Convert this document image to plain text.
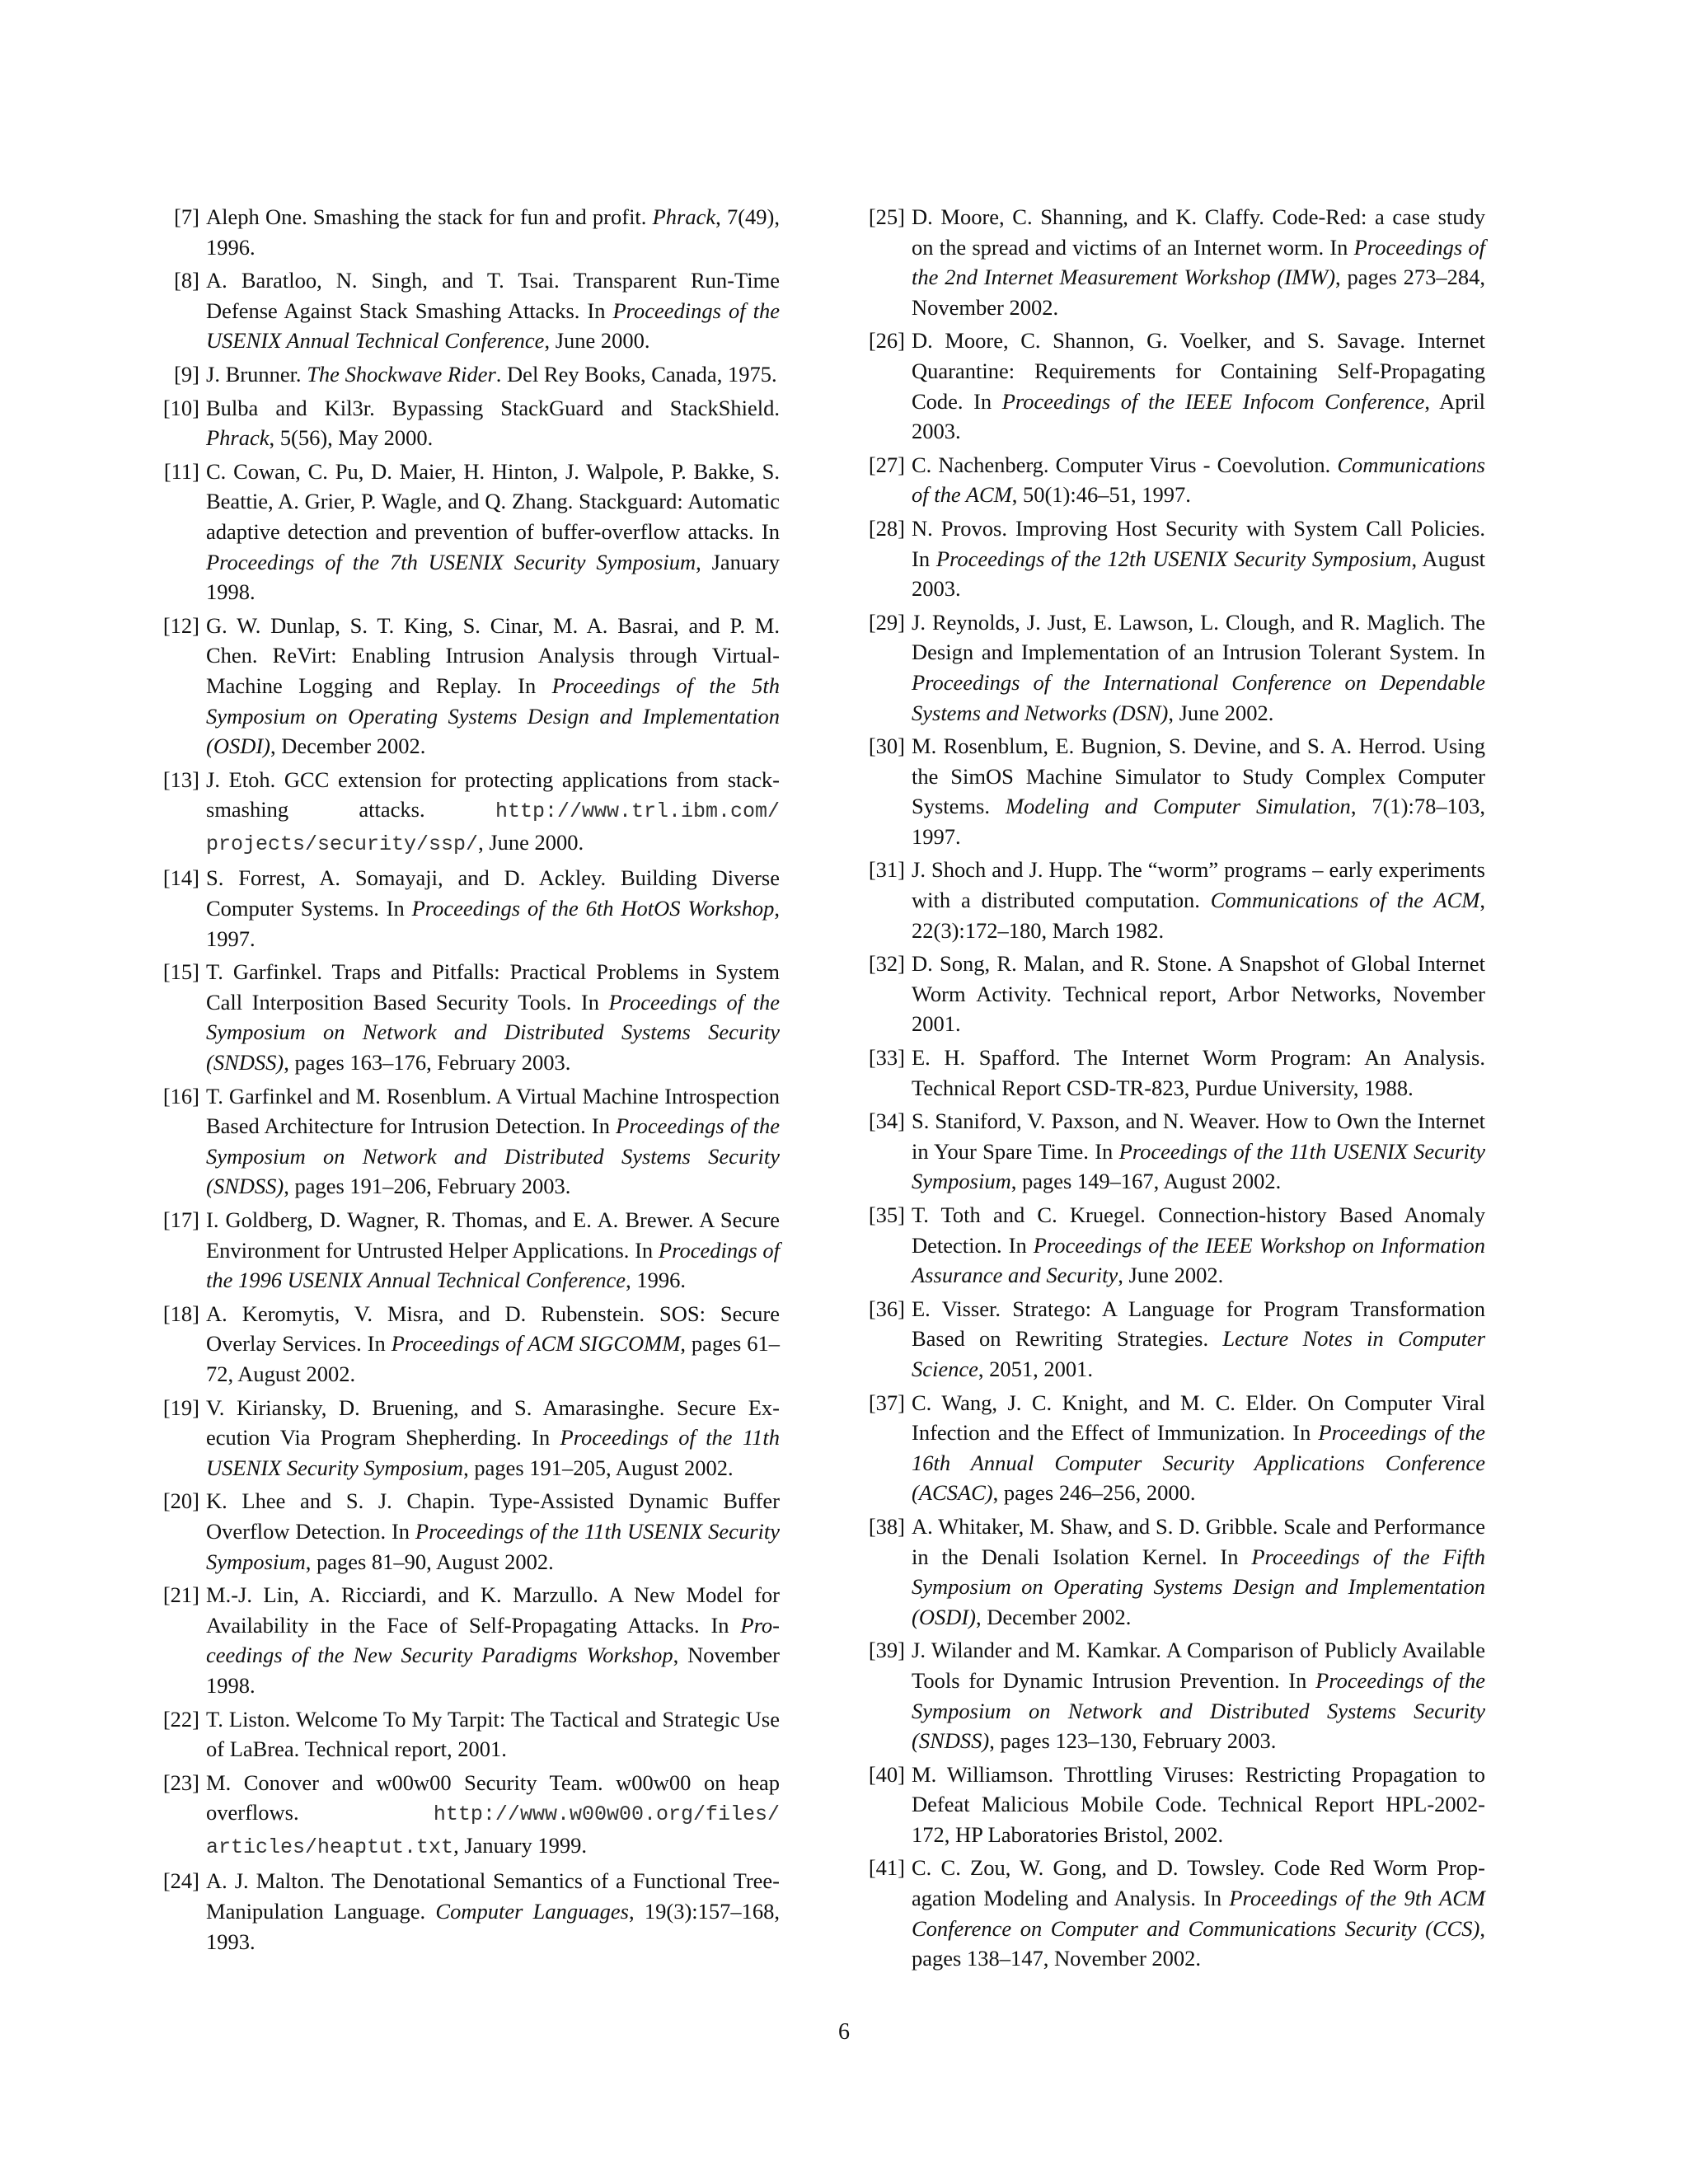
[7] Aleph One. Smashing the stack for fun and profit. Phrack, 7(49), 1996.
[8] A. Baratloo, N. Singh, and T. Tsai. Transparent Run-Time Defense Against Stack Smashing Attacks. In Proceedings of the USENIX Annual Technical Conference, June 2000.
[9] J. Brunner. The Shockwave Rider. Del Rey Books, Canada, 1975.
[10] Bulba and Kil3r. Bypassing StackGuard and StackShield. Phrack, 5(56), May 2000.
[11] C. Cowan, C. Pu, D. Maier, H. Hinton, J. Walpole, P. Bakke, S. Beattie, A. Grier, P. Wagle, and Q. Zhang. Stackguard: Automatic adaptive detection and prevention of buffer-overflow attacks. In Proceedings of the 7th USENIX Security Symposium, January 1998.
[12] G. W. Dunlap, S. T. King, S. Cinar, M. A. Basrai, and P. M. Chen. ReVirt: Enabling Intrusion Analysis through Virtual-Machine Logging and Replay. In Proceedings of the 5th Symposium on Operating Systems Design and Implementation (OSDI), December 2002.
[13] J. Etoh. GCC extension for protecting applications from stack-smashing attacks. http://www.trl.ibm.com/ projects/security/ssp/, June 2000.
[14] S. Forrest, A. Somayaji, and D. Ackley. Building Diverse Computer Systems. In Proceedings of the 6th HotOS Workshop, 1997.
[15] T. Garfinkel. Traps and Pitfalls: Practical Problems in System Call Interposition Based Security Tools. In Proceedings of the Symposium on Network and Distributed Systems Security (SNDSS), pages 163–176, February 2003.
[16] T. Garfinkel and M. Rosenblum. A Virtual Machine Introspection Based Architecture for Intrusion Detection. In Proceedings of the Symposium on Network and Distributed Systems Security (SNDSS), pages 191–206, February 2003.
[17] I. Goldberg, D. Wagner, R. Thomas, and E. A. Brewer. A Secure Environment for Untrusted Helper Applications. In Procedings of the 1996 USENIX Annual Technical Conference, 1996.
[18] A. Keromytis, V. Misra, and D. Rubenstein. SOS: Secure Overlay Services. In Proceedings of ACM SIGCOMM, pages 61–72, August 2002.
[19] V. Kiriansky, D. Bruening, and S. Amarasinghe. Secure Execution Via Program Shepherding. In Proceedings of the 11th USENIX Security Symposium, pages 191–205, August 2002.
[20] K. Lhee and S. J. Chapin. Type-Assisted Dynamic Buffer Overflow Detection. In Proceedings of the 11th USENIX Security Symposium, pages 81–90, August 2002.
[21] M.-J. Lin, A. Ricciardi, and K. Marzullo. A New Model for Availability in the Face of Self-Propagating Attacks. In Proceedings of the New Security Paradigms Workshop, November 1998.
[22] T. Liston. Welcome To My Tarpit: The Tactical and Strategic Use of LaBrea. Technical report, 2001.
[23] M. Conover and w00w00 Security Team. w00w00 on heap overflows. http://www.w00w00.org/files/ articles/heaptut.txt, January 1999.
[24] A. J. Malton. The Denotational Semantics of a Functional Tree-Manipulation Language. Computer Languages, 19(3):157–168, 1993.
[25] D. Moore, C. Shanning, and K. Claffy. Code-Red: a case study on the spread and victims of an Internet worm. In Proceedings of the 2nd Internet Measurement Workshop (IMW), pages 273–284, November 2002.
[26] D. Moore, C. Shannon, G. Voelker, and S. Savage. Internet Quarantine: Requirements for Containing Self-Propagating Code. In Proceedings of the IEEE Infocom Conference, April 2003.
[27] C. Nachenberg. Computer Virus - Coevolution. Communications of the ACM, 50(1):46–51, 1997.
[28] N. Provos. Improving Host Security with System Call Policies. In Proceedings of the 12th USENIX Security Symposium, August 2003.
[29] J. Reynolds, J. Just, E. Lawson, L. Clough, and R. Maglich. The Design and Implementation of an Intrusion Tolerant System. In Proceedings of the International Conference on Dependable Systems and Networks (DSN), June 2002.
[30] M. Rosenblum, E. Bugnion, S. Devine, and S. A. Herrod. Using the SimOS Machine Simulator to Study Complex Computer Systems. Modeling and Computer Simulation, 7(1):78–103, 1997.
[31] J. Shoch and J. Hupp. The “worm” programs – early experiments with a distributed computation. Communications of the ACM, 22(3):172–180, March 1982.
[32] D. Song, R. Malan, and R. Stone. A Snapshot of Global Internet Worm Activity. Technical report, Arbor Networks, November 2001.
[33] E. H. Spafford. The Internet Worm Program: An Analysis. Technical Report CSD-TR-823, Purdue University, 1988.
[34] S. Staniford, V. Paxson, and N. Weaver. How to Own the Internet in Your Spare Time. In Proceedings of the 11th USENIX Security Symposium, pages 149–167, August 2002.
[35] T. Toth and C. Kruegel. Connection-history Based Anomaly Detection. In Proceedings of the IEEE Workshop on Information Assurance and Security, June 2002.
[36] E. Visser. Stratego: A Language for Program Transformation Based on Rewriting Strategies. Lecture Notes in Computer Science, 2051, 2001.
[37] C. Wang, J. C. Knight, and M. C. Elder. On Computer Viral Infection and the Effect of Immunization. In Proceedings of the 16th Annual Computer Security Applications Conference (ACSAC), pages 246–256, 2000.
[38] A. Whitaker, M. Shaw, and S. D. Gribble. Scale and Performance in the Denali Isolation Kernel. In Proceedings of the Fifth Symposium on Operating Systems Design and Implementation (OSDI), December 2002.
[39] J. Wilander and M. Kamkar. A Comparison of Publicly Available Tools for Dynamic Intrusion Prevention. In Proceedings of the Symposium on Network and Distributed Systems Security (SNDSS), pages 123–130, February 2003.
[40] M. Williamson. Throttling Viruses: Restricting Propagation to Defeat Malicious Mobile Code. Technical Report HPL-2002-172, HP Laboratories Bristol, 2002.
[41] C. C. Zou, W. Gong, and D. Towsley. Code Red Worm Propagation Modeling and Analysis. In Proceedings of the 9th ACM Conference on Computer and Communications Security (CCS), pages 138–147, November 2002.
6
